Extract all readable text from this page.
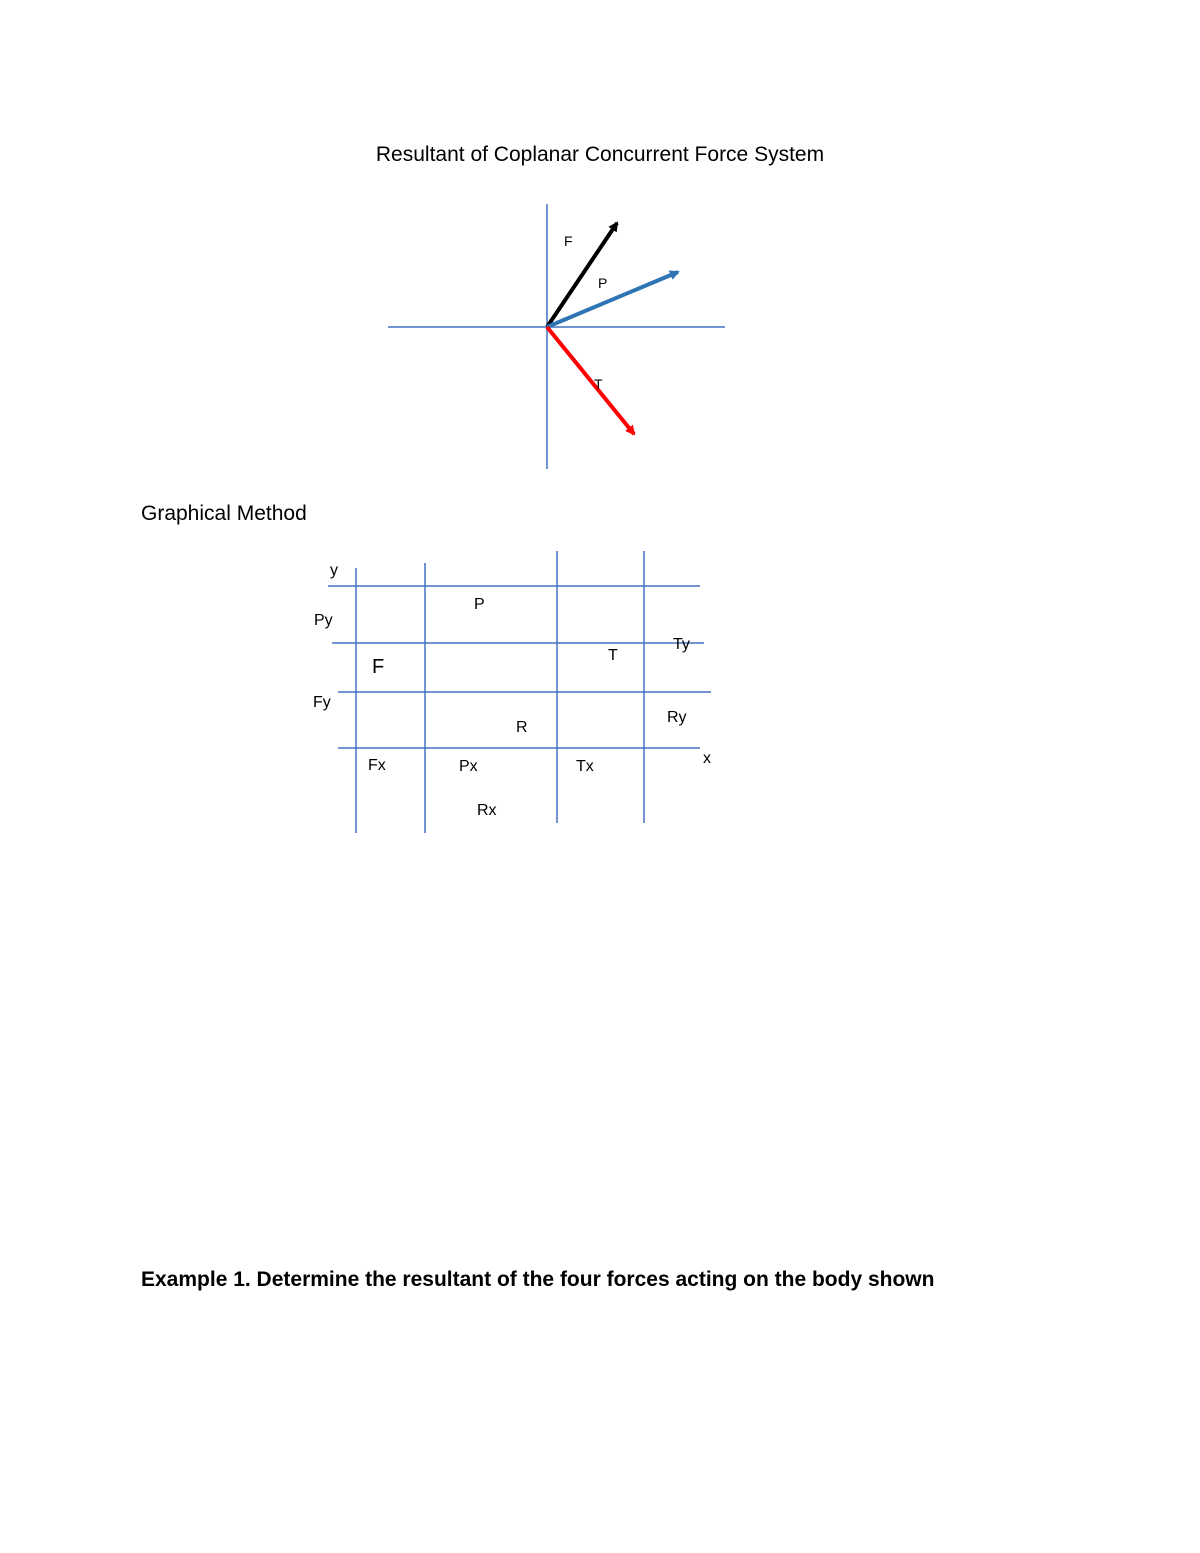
Resultant of Coplanar Concurrent Force System
F
P
T
y
x
Py
Fy
Ty
Ry
Fx	Px	Tx
Rx
F
P
T
R
Graphical Method
Example 1. Determine the resultant of the four forces acting on the body shown
